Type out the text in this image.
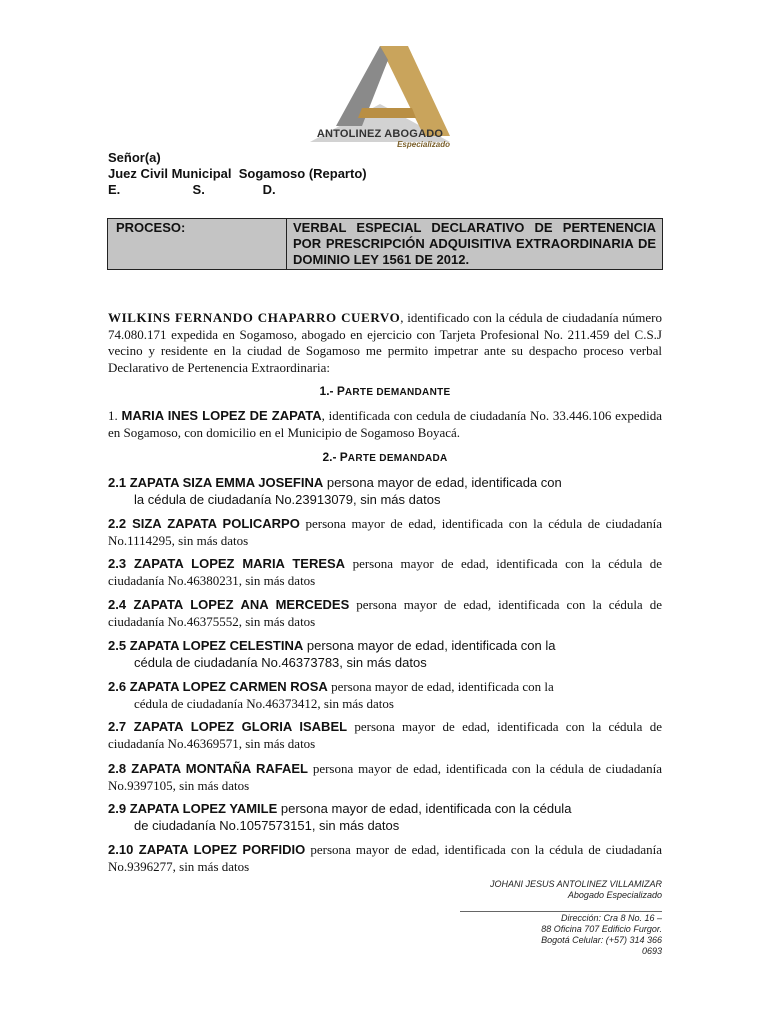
ANTOLINEZ ABOGADO
Especializado
Señor(a)
Juez Civil Municipal  Sogamoso (Reparto)
E.                    S.                D.
PROCESO:	VERBAL ESPECIAL DECLARATIVO DE PERTENENCIA POR PRESCRIPCIÓN ADQUISITIVA EXTRAORDINARIA DE DOMINIO LEY 1561 DE 2012.
WILKINS FERNANDO CHAPARRO CUERVO, identificado con la cédula de ciudadanía número 74.080.171 expedida en Sogamoso, abogado en ejercicio con Tarjeta Profesional No. 211.459 del C.S.J vecino y residente en la ciudad de Sogamoso me permito impetrar ante su despacho proceso verbal Declarativo de Pertenencia Extraordinaria:
1.- PARTE DEMANDANTE
1. MARIA INES LOPEZ DE ZAPATA, identificada con cedula de ciudadanía No. 33.446.106 expedida en Sogamoso, con domicilio en el Municipio de Sogamoso Boyacá.
2.- PARTE DEMANDADA
2.1 ZAPATA SIZA EMMA JOSEFINA persona mayor de edad, identificada con
la cédula de ciudadanía No.23913079, sin más datos
2.2 SIZA ZAPATA POLICARPO persona mayor de edad, identificada con la cédula de ciudadanía No.1114295, sin más datos
2.3 ZAPATA LOPEZ MARIA TERESA persona mayor de edad, identificada con la cédula de ciudadanía No.46380231, sin más datos
2.4 ZAPATA LOPEZ ANA MERCEDES persona mayor de edad, identificada con la cédula de ciudadanía No.46375552, sin más datos
2.5 ZAPATA LOPEZ CELESTINA persona mayor de edad, identificada con la
cédula de ciudadanía No.46373783, sin más datos
2.6 ZAPATA LOPEZ CARMEN ROSA persona mayor de edad, identificada con la
cédula de ciudadanía No.46373412, sin más datos
2.7 ZAPATA LOPEZ GLORIA ISABEL persona mayor de edad, identificada con la cédula de ciudadanía No.46369571, sin más datos
2.8 ZAPATA MONTAÑA RAFAEL persona mayor de edad, identificada con la cédula de ciudadanía No.9397105, sin más datos
2.9 ZAPATA LOPEZ YAMILE persona mayor de edad, identificada con la cédula
de ciudadanía No.1057573151, sin más datos
2.10 ZAPATA LOPEZ PORFIDIO persona mayor de edad, identificada con la cédula de ciudadanía No.9396277, sin más datos
JOHANI JESUS ANTOLINEZ VILLAMIZAR
Abogado Especializado
Dirección: Cra 8 No. 16 –
88 Oficina 707 Edificio Furgor.
Bogotá Celular: (+57) 314 366
0693
